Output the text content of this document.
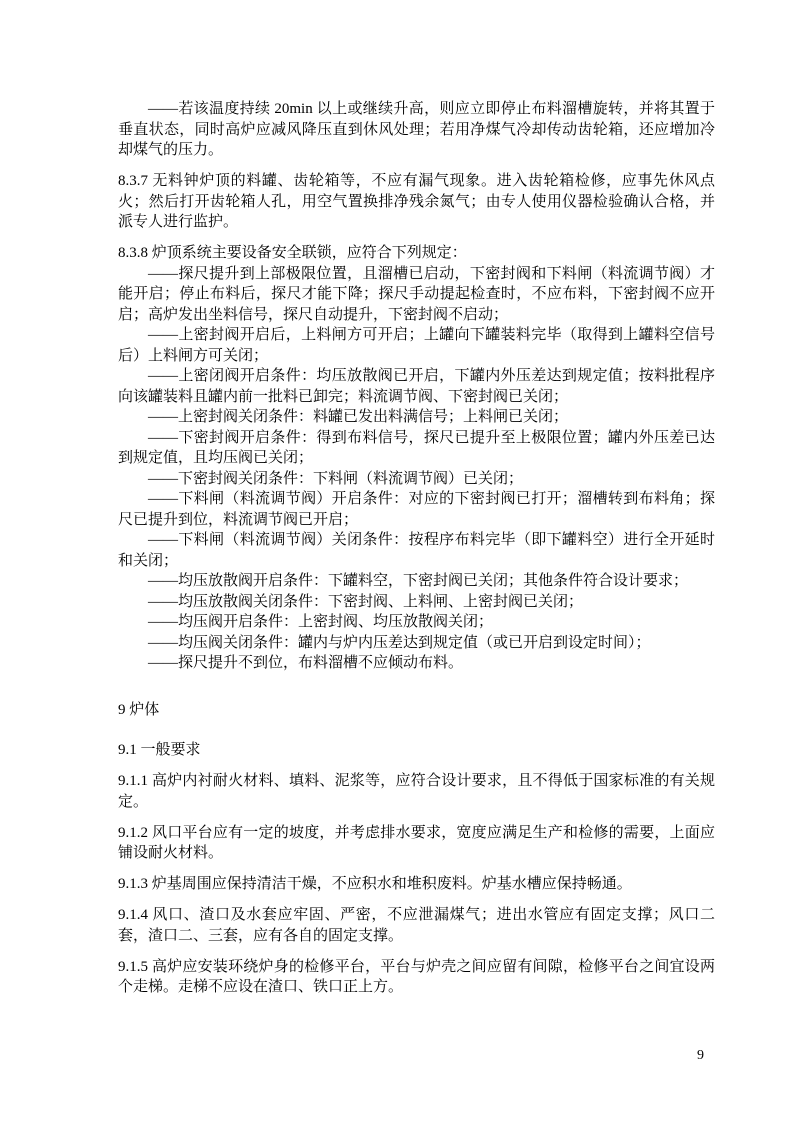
——若该温度持续 20min 以上或继续升高，则应立即停止布料溜槽旋转，并将其置于垂直状态，同时高炉应减风降压直到休风处理；若用净煤气冷却传动齿轮箱，还应增加冷却煤气的压力。

8.3.7 无料钟炉顶的料罐、齿轮箱等，不应有漏气现象。进入齿轮箱检修，应事先休风点火；然后打开齿轮箱人孔，用空气置换排净残余氮气；由专人使用仪器检验确认合格，并派专人进行监护。

8.3.8 炉顶系统主要设备安全联锁，应符合下列规定：

——探尺提升到上部极限位置，且溜槽已启动，下密封阀和下料闸（料流调节阀）才能开启；停止布料后，探尺才能下降；探尺手动提起检查时，不应布料，下密封阀不应开启；高炉发出坐料信号，探尺自动提升，下密封阀不启动；

——上密封阀开启后，上料闸方可开启；上罐向下罐装料完毕（取得到上罐料空信号后）上料闸方可关闭；

——上密闭阀开启条件：均压放散阀已开启，下罐内外压差达到规定值；按料批程序向该罐装料且罐内前一批料已卸完；料流调节阀、下密封阀已关闭；

——上密封阀关闭条件：料罐已发出料满信号；上料闸已关闭；

——下密封阀开启条件：得到布料信号，探尺已提升至上极限位置；罐内外压差已达到规定值，且均压阀已关闭；

——下密封阀关闭条件：下料闸（料流调节阀）已关闭；

——下料闸（料流调节阀）开启条件：对应的下密封阀已打开；溜槽转到布料角；探尺已提升到位，料流调节阀已开启；

——下料闸（料流调节阀）关闭条件：按程序布料完毕（即下罐料空）进行全开延时和关闭；

——均压放散阀开启条件：下罐料空，下密封阀已关闭；其他条件符合设计要求；

——均压放散阀关闭条件：下密封阀、上料闸、上密封阀已关闭；

——均压阀开启条件：上密封阀、均压放散阀关闭；

——均压阀关闭条件：罐内与炉内压差达到规定值（或已开启到设定时间）；

——探尺提升不到位，布料溜槽不应倾动布料。

9 炉体

9.1 一般要求

9.1.1 高炉内衬耐火材料、填料、泥浆等，应符合设计要求，且不得低于国家标准的有关规定。

9.1.2 风口平台应有一定的坡度，并考虑排水要求，宽度应满足生产和检修的需要，上面应铺设耐火材料。

9.1.3 炉基周围应保持清洁干燥，不应积水和堆积废料。炉基水槽应保持畅通。

9.1.4 风口、渣口及水套应牢固、严密，不应泄漏煤气；进出水管应有固定支撑；风口二套，渣口二、三套，应有各自的固定支撑。

9.1.5 高炉应安装环绕炉身的检修平台，平台与炉壳之间应留有间隙，检修平台之间宜设两个走梯。走梯不应设在渣口、铁口正上方。

9
